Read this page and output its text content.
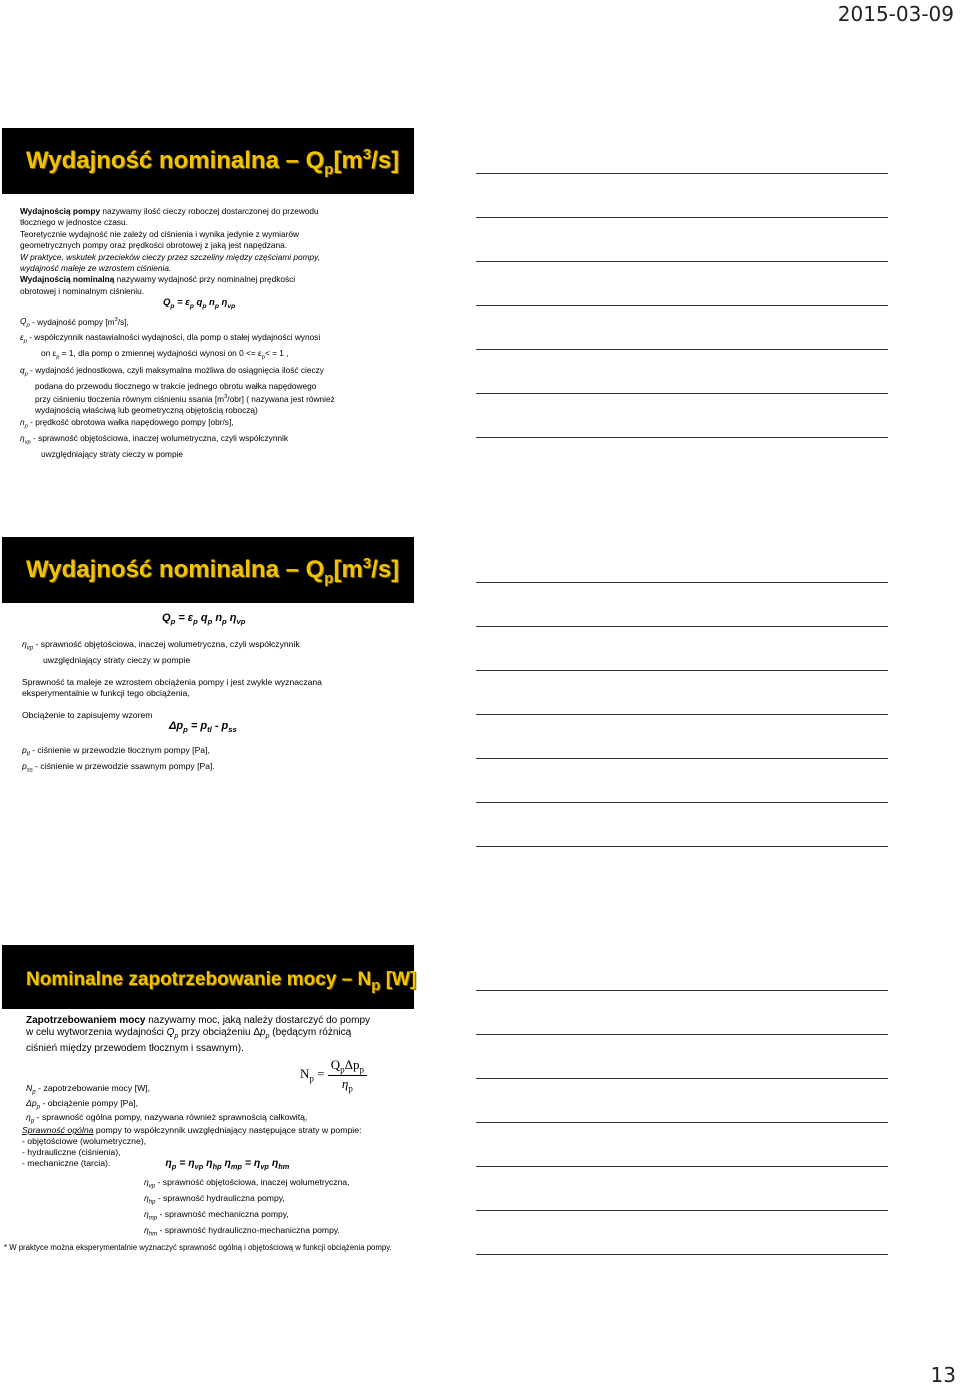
2015-03-09
13
Wydajność nominalna – $Q_p[m^3/s]$
Wydajnością pompy nazywamy ilość cieczy roboczej dostarczonej do przewodu
tłocznego w jednostce czasu.
Teoretycznie wydajność nie zależy od ciśnienia i wynika jedynie z wymiarów
geometrycznych pompy oraz prędkości obrotowej z jaką jest napędzana.
W praktyce, wskutek przecieków cieczy przez szczeliny między częściami pompy,
wydajność maleje ze wzrostem ciśnienia.
Wydajnością nominalną nazywamy wydajność przy nominalnej prędkości
obrotowej i nominalnym ciśnieniu.
$Q_p = \varepsilon_p$ $q_p$ $n_p$ $\eta_{vp}$
$Q_p$ - wydajność pompy $[m^3/s]$,
$\varepsilon_p$ - współczynnik nastawialności wydajności, dla pomp o stałej wydajności wynosi
on $\varepsilon_p = 1$, dla pomp o zmiennej wydajności wynosi on $0 <= \varepsilon_p< = 1$ ,
$q_p$ - wydajność jednostkowa, czyli maksymalna możliwa do osiągnięcia ilość cieczy
podana do przewodu tłocznego w trakcie jednego obrotu wałka napędowego
przy ciśnieniu tłoczenia równym ciśnieniu ssania $[m^3/obr]$ ( nazywana jest również
wydajnością właściwą lub geometryczną objętością roboczą)
$n_p$ - prędkość obrotowa wałka napędowego pompy [obr/s],
$\eta_{vp}$ - sprawność objętościowa, inaczej wolumetryczna, czyli współczynnik
uwzględniający straty cieczy w pompie
Wydajność nominalna – $Q_p[m^3/s]$
$Q_p = \varepsilon_p$ $q_p$ $n_p$ $\eta_{vp}$
$\eta_{vp}$ - sprawność objętościowa, inaczej wolumetryczna, czyli współczynnik
uwzględniający straty cieczy w pompie
Sprawność ta maleje ze wzrostem obciążenia pompy i jest zwykle wyznaczana
eksperymentalnie w funkcji tego obciążenia,
Obciążenie to zapisujemy wzorem
$\Delta p_p = p_{tl} - p_{ss}$
$p_{tl}$ - ciśnienie w przewodzie tłocznym pompy [Pa],
$p_{ss}$ - ciśnienie w przewodzie ssawnym pompy [Pa].
Nominalne zapotrzebowanie mocy – $N_p$ [W]
Zapotrzebowaniem mocy nazywamy moc, jaką należy dostarczyć do pompy
w celu wytworzenia wydajności $Q_p$ przy obciążeniu $\Delta p_p$ (będącym różnicą
ciśnień między przewodem tłocznym i ssawnym).
$N_p = \frac{Q_p\Delta p_p}{\eta_p}$
$N_p$ - zapotrzebowanie mocy [W],
$\Delta p_p$ - obciążenie pompy [Pa],
$\eta_p$ - sprawność ogólna pompy, nazywana również sprawnością całkowitą,
Sprawność ogólna pompy to współczynnik uwzględniający następujące straty w pompie:
- objętościowe (wolumetryczne),
- hydrauliczne (ciśnienia),
- mechaniczne (tarcia).	$\eta_p = \eta_{vp}$ $\eta_{hp}$ $\eta_{mp} = \eta_{vp}$ $\eta_{hm}$
$\eta_{vp}$ - sprawność objętościowa, inaczej wolumetryczna,
$\eta_{hp}$ - sprawność hydrauliczna pompy,
$\eta_{mp}$ - sprawność mechaniczna pompy,
$\eta_{hm}$ - sprawność hydrauliczno-mechaniczna pompy.
* W praktyce można eksperymentalnie wyznaczyć sprawność ogólną i objętościową w funkcji obciążenia pompy.
